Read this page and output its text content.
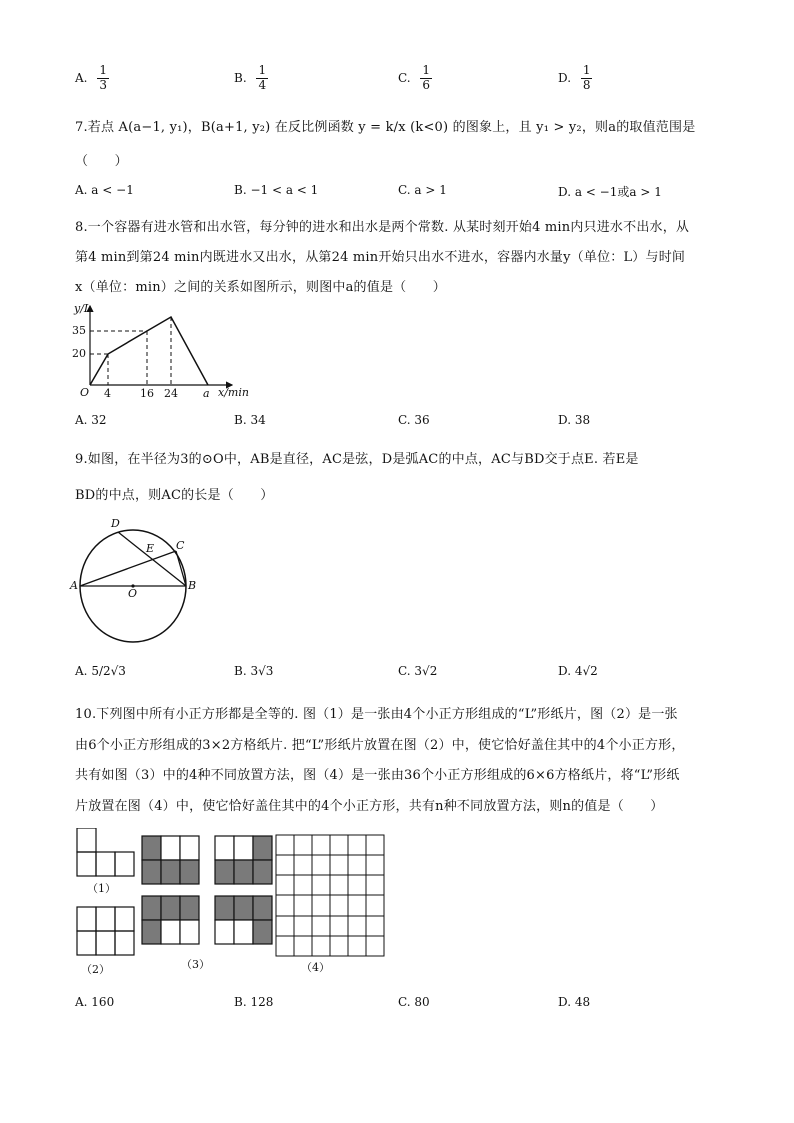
A. $\frac{1}{3}$	B. $\frac{1}{4}$	C. $\frac{1}{6}$	D. $\frac{1}{8}$
7.若点 A(a−1, y₁)，B(a+1, y₂) 在反比例函数 y = k/x (k<0) 的图象上，且 y₁ > y₂，则a的取值范围是
（　　）
A. a < −1	B. −1 < a < 1	C. a > 1	D. a < −1或a > 1
8.一个容器有进水管和出水管，每分钟的进水和出水是两个常数. 从某时刻开始4 min内只进水不出水，从
第4 min到第24 min内既进水又出水，从第24 min开始只出水不进水，容器内水量y（单位：L）与时间
x（单位：min）之间的关系如图所示，则图中a的值是（　　）
y/L
x/min
O
35
20
4	16 24 a
A. 32	B. 34	C. 36	D. 38
9.如图，在半径为3的⊙O中，AB是直径，AC是弦，D是弧AC的中点，AC与BD交于点E. 若E是
BD的中点，则AC的长是（　　）
A	B
C
D
E
O
A. 5/2√3	B. 3√3	C. 3√2	D. 4√2
10.下列图中所有小正方形都是全等的. 图（1）是一张由4个小正方形组成的“L”形纸片，图（2）是一张
由6个小正方形组成的3×2方格纸片. 把“L”形纸片放置在图（2）中，使它恰好盖住其中的4个小正方形，
共有如图（3）中的4种不同放置方法，图（4）是一张由36个小正方形组成的6×6方格纸片，将“L”形纸
片放置在图（4）中，使它恰好盖住其中的4个小正方形，共有n种不同放置方法，则n的值是（　　）
（1）
（2）	（3）	（4）
A. 160	B. 128	C. 80	D. 48
